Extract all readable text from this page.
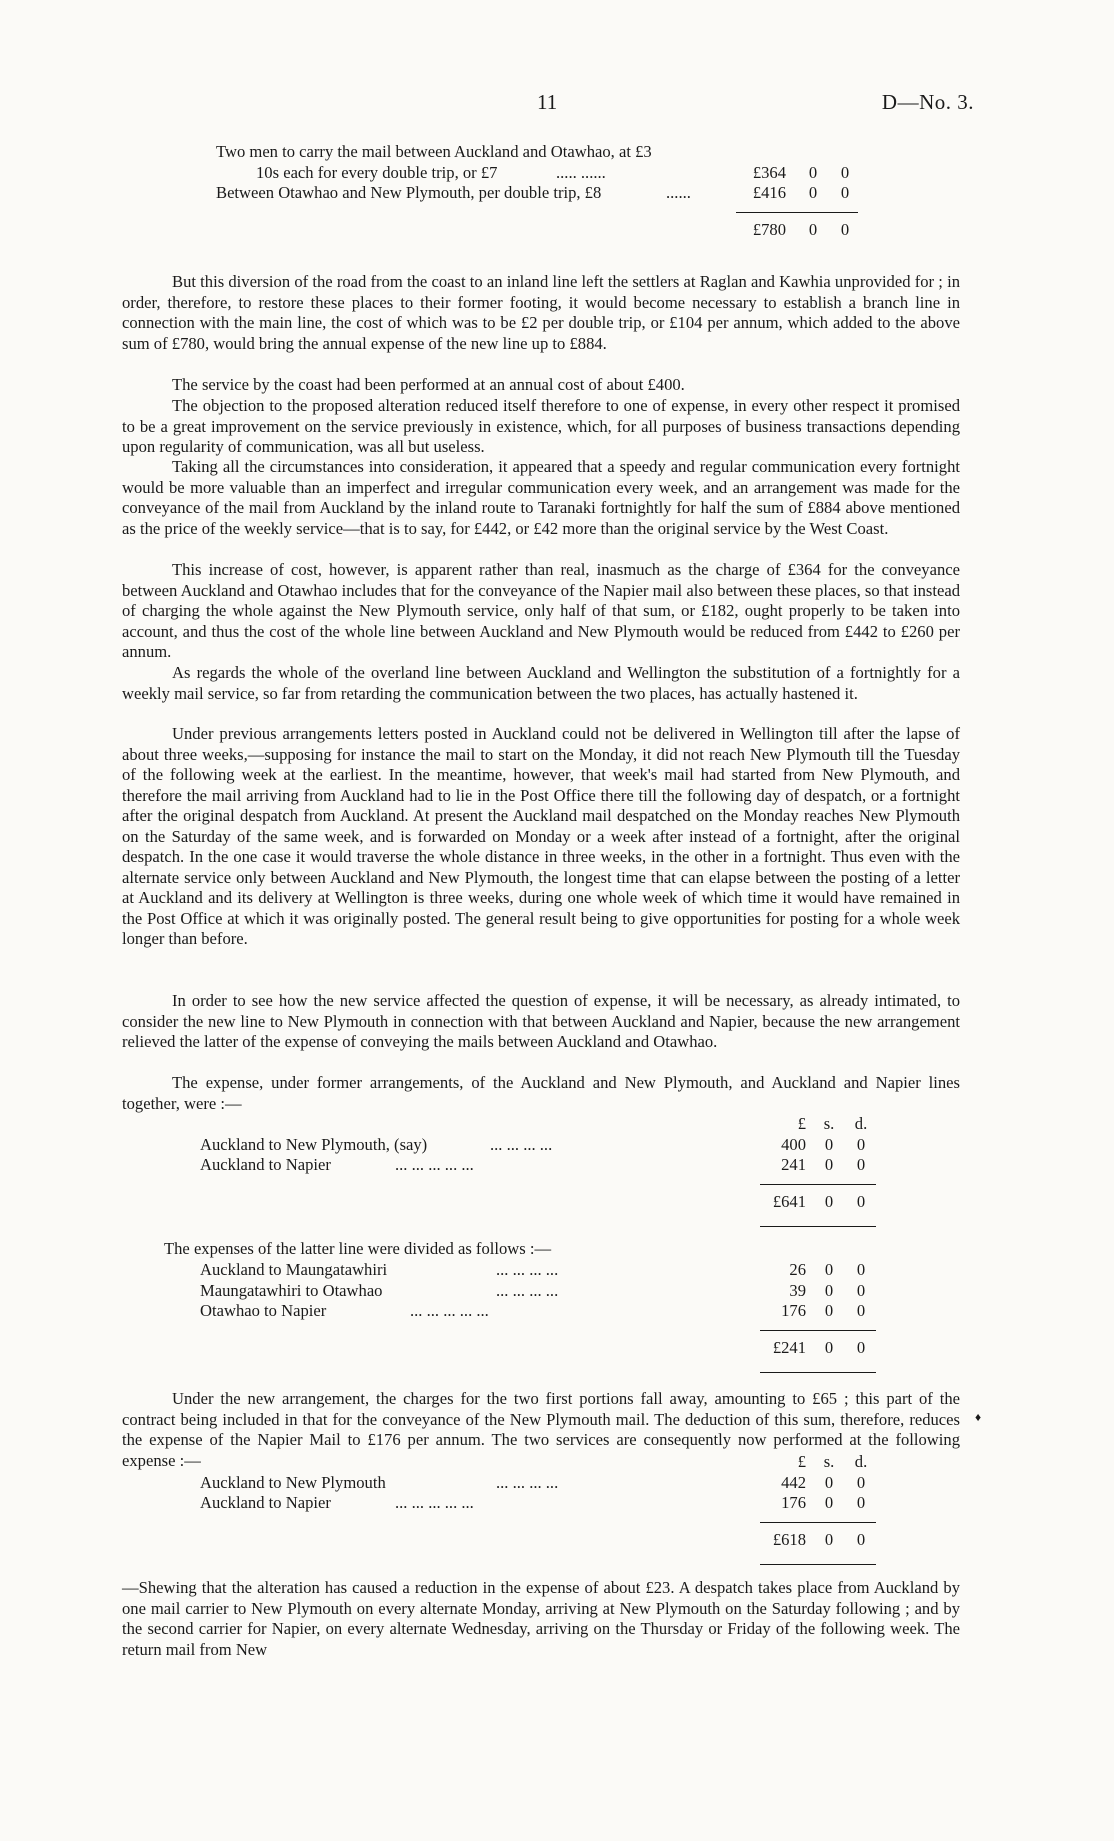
11	D—No. 3.
Two men to carry the mail between Auckland and Otawhao, at £3
10s each for every double trip, or £7	..... ......	£364 0 0
Between Otawhao and New Plymouth, per double trip, £8	......	£416 0 0
£780 0 0

But this diversion of the road from the coast to an inland line left the settlers at Raglan and Kawhia unprovided for ; in order, therefore, to restore these places to their former footing, it would become necessary to establish a branch line in connection with the main line, the cost of which was to be £2 per double trip, or £104 per annum, which added to the above sum of £780, would bring the annual expense of the new line up to £884.

The service by the coast had been performed at an annual cost of about £400.

The objection to the proposed alteration reduced itself therefore to one of expense, in every other respect it promised to be a great improvement on the service previously in existence, which, for all purposes of business transactions depending upon regularity of communication, was all but useless.

Taking all the circumstances into consideration, it appeared that a speedy and regular communication every fortnight would be more valuable than an imperfect and irregular communication every week, and an arrangement was made for the conveyance of the mail from Auckland by the inland route to Taranaki fortnightly for half the sum of £884 above mentioned as the price of the weekly service—that is to say, for £442, or £42 more than the original service by the West Coast.

This increase of cost, however, is apparent rather than real, inasmuch as the charge of £364 for the conveyance between Auckland and Otawhao includes that for the conveyance of the Napier mail also between these places, so that instead of charging the whole against the New Plymouth service, only half of that sum, or £182, ought properly to be taken into account, and thus the cost of the whole line between Auckland and New Plymouth would be reduced from £442 to £260 per annum.

As regards the whole of the overland line between Auckland and Wellington the substitution of a fortnightly for a weekly mail service, so far from retarding the communication between the two places, has actually hastened it.

Under previous arrangements letters posted in Auckland could not be delivered in Wellington till after the lapse of about three weeks,—supposing for instance the mail to start on the Monday, it did not reach New Plymouth till the Tuesday of the following week at the earliest. In the meantime, however, that week's mail had started from New Plymouth, and therefore the mail arriving from Auckland had to lie in the Post Office there till the following day of despatch, or a fortnight after the original despatch from Auckland. At present the Auckland mail despatched on the Monday reaches New Plymouth on the Saturday of the same week, and is forwarded on Monday or a week after instead of a fortnight, after the original despatch. In the one case it would traverse the whole distance in three weeks, in the other in a fortnight. Thus even with the alternate service only between Auckland and New Plymouth, the longest time that can elapse between the posting of a letter at Auckland and its delivery at Wellington is three weeks, during one whole week of which time it would have remained in the Post Office at which it was originally posted. The general result being to give opportunities for posting for a whole week longer than before.

In order to see how the new service affected the question of expense, it will be necessary, as already intimated, to consider the new line to New Plymouth in connection with that between Auckland and Napier, because the new arrangement relieved the latter of the expense of conveying the mails between Auckland and Otawhao.

The expense, under former arrangements, of the Auckland and New Plymouth, and Auckland and Napier lines together, were :—

£ s. d.
Auckland to New Plymouth, (say)	... ... ... ...	400 0 0
Auckland to Napier	... ... ... ... ...	241 0 0
£641 0 0

The expenses of the latter line were divided as follows :—

Auckland to Maungatawhiri	... ... ... ...	26 0 0
Maungatawhiri to Otawhao	... ... ... ...	39 0 0
Otawhao to Napier	... ... ... ... ...	176 0 0
£241 0 0

Under the new arrangement, the charges for the two first portions fall away, amounting to £65 ; this part of the contract being included in that for the conveyance of the New Plymouth mail. The deduction of this sum, therefore, reduces the expense of the Napier Mail to £176 per annum. The two services are consequently now performed at the following expense :—

♦
£ s. d.
Auckland to New Plymouth	... ... ... ...	442 0 0
Auckland to Napier	... ... ... ... ...	176 0 0
£618 0 0

—Shewing that the alteration has caused a reduction in the expense of about £23. A despatch takes place from Auckland by one mail carrier to New Plymouth on every alternate Monday, arriving at New Plymouth on the Saturday following ; and by the second carrier for Napier, on every alternate Wednesday, arriving on the Thursday or Friday of the following week. The return mail from New
